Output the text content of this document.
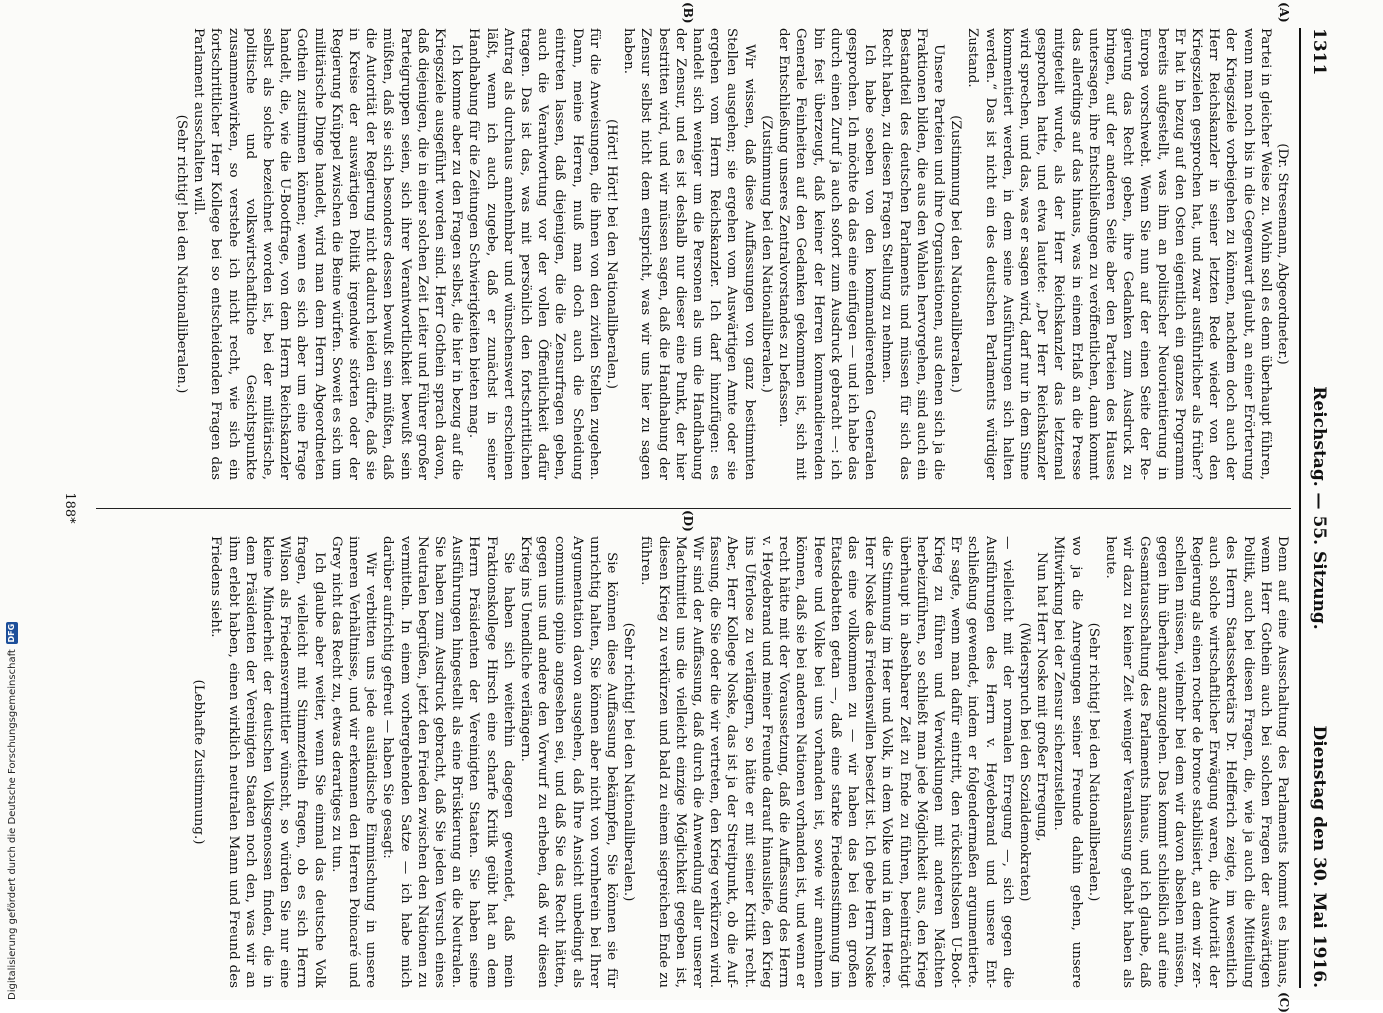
1311
Reichstag. — 55. Sitzung.
Dienstag den 30. Mai 1916.

(Dr. Stresemann, Abgeordneter.)

Partei in gleicher Weise zu. Wohin soll es denn überhaupt führen, wenn man noch bis in die Gegenwart glaubt, an einer Erörterung der Kriegsziele vorbeigehen zu können, nachdem doch auch der Herr Reichskanzler in seiner letzten Rede wieder von den Kriegszielen gesprochen hat, und zwar ausführlicher als früher? Er hat in bezug auf den Osten eigentlich ein ganzes Programm bereits aufgestellt, was ihm an politischer Neuorientierung in Europa vorschwebt. Wenn Sie nun auf der einen Seite der Regierung das Recht geben, ihre Gedanken zum Ausdruck zu bringen, auf der anderen Seite aber den Parteien des Hauses untersagen, ihre Entschließungen zu veröffentlichen, dann kommt das allerdings auf das hinaus, was in einem Erlaß an die Presse mitgeteilt wurde, als der Herr Reichskanzler das letztemal gesprochen hatte, und etwa lautete: „Der Herr Reichskanzler wird sprechen, und das, was er sagen wird, darf nur in dem Sinne kommentiert werden, in dem seine Ausführungen sich halten werden.“ Das ist nicht ein des deutschen Parlaments würdiger Zustand.

(Zustimmung bei den Nationalliberalen.)

Unsere Parteien und ihre Organisationen, aus denen sich ja die Fraktionen bilden, die aus den Wahlen hervorgehen, sind auch ein Bestandteil des deutschen Parlaments und müssen für sich das Recht haben, zu diesen Fragen Stellung zu nehmen.

Ich habe soeben von den kommandierenden Generalen gesprochen. Ich möchte da das eine einfügen — und ich habe das durch einen Zuruf ja auch sofort zum Ausdruck gebracht —: ich bin fest überzeugt, daß keiner der Herren kommandierenden Generale Feinheiten auf den Gedanken gekommen ist, sich mit der Entschließung unseres Zentralvorstandes zu befassen.

(Zustimmung bei den Nationalliberalen.)

Wir wissen, daß diese Auffassungen von ganz bestimmten Stellen ausgehen; sie ergehen vom Auswärtigen Amte oder sie ergehen vom Herrn Reichskanzler. Ich darf hinzufügen: es handelt sich weniger um die Personen als um die Handhabung der Zensur, und es ist deshalb nur dieser eine Punkt, der hier bestritten wird, und wir müssen sagen, daß die Handhabung der Zensur selbst nicht dem entspricht, was wir uns hier zu sagen haben.

(Hört! Hört! bei den Nationalliberalen.)

für die Anweisungen, die ihnen von den zivilen Stellen zugehen. Dann, meine Herren, muß man doch auch die Scheidung eintreten lassen, daß diejenigen, die die Zensurfragen geben, auch die Verantwortung vor der vollen Öffentlichkeit dafür tragen. Das ist das, was mit persönlich den fortschrittlichen Antrag als durchaus annehmbar und wünschenswert erscheinen läßt, wenn ich auch zugebe, daß er zunächst in seiner Handhabung für die Zeitungen Schwierigkeiten bieten mag.

Ich komme aber zu den Fragen selbst, die hier in bezug auf die Kriegsziele ausgeführt worden sind. Herr Gothein sprach davon, daß diejenigen, die in einer solchen Zeit Leiter und Führer großer Parteigruppen seien, sich ihrer Verantwortlichkeit bewußt sein müßten, daß sie sich besonders dessen bewußt sein müßten, daß die Autorität der Regierung nicht dadurch leiden dürfte, daß sie in Kreise der auswärtigen Politik irgendwie störten oder der Regierung Knüppel zwischen die Beine würfen. Soweit es sich um militärische Dinge handelt, wird man dem Herrn Abgeordneten Gothein zustimmen können; wenn es sich aber um eine Frage handelt, die, wie die U-Bootfrage, von dem Herrn Reichskanzler selbst als solche bezeichnet worden ist, bei der militärische, politische und volkswirtschaftliche Gesichtspunkte zusammenwirken, so verstehe ich nicht recht, wie sich ein fortschrittlicher Herr Kollege bei so entscheidenden Fragen das Parlament ausschalten will.

(Sehr richtig! bei den Nationalliberalen.)

Denn auf eine Ausschaltung des Parlaments kommt es hinaus, wenn Herr Gothein auch bei solchen Fragen der auswärtigen Politik, auch bei diesen Fragen, die, wie ja auch die Mitteilung des Herrn Staatssekretärs Dr. Helfferich zeigte, im wesentlich auch solche wirtschaftlicher Erwägung waren, die Autorität der Regierung als einen rocher de bronce stabilisiert, an dem wir zerschellen müssen, vielmehr bei dem wir davon absehen müssen, gegen ihn überhaupt anzugehen. Das kommt schließlich auf eine Gesamtausschaltung des Parlaments hinaus, und ich glaube, daß wir dazu zu keiner Zeit weniger Veranlassung gehabt haben als heute.

(Sehr richtig! bei den Nationalliberalen.)

wo ja die Anregungen seiner Freunde dahin gehen, unsere Mitwirkung bei der Zensur sicherzustellen.

Nun hat Herr Noske mit großer Erregung,

(Widerspruch bei den Sozialdemokraten)

— vielleicht mit der normalen Erregung —, sich gegen die Ausführungen des Herrn v. Heydebrand und unsere Entschließung gewendet, indem er folgendermaßen argumentierte. Er sagte, wenn man dafür eintritt, den rücksichtslosen U-Boot-Krieg zu führen und Verwicklungen mit anderen Mächten herbeizuführen, so schließt man jede Möglichkeit aus, den Krieg überhaupt in absehbarer Zeit zu Ende zu führen, beeinträchtigt die Stimmung im Heer und Volk, in dem Volke und in dem Heere. Herr Noske das Friedenswillen besetzt ist. Ich gebe Herrn Noske das eine vollkommen zu — wir haben das bei den großen Etatsdebatten getan —, daß eine starke Friedensstimmung im Heere und Volke bei uns vorhanden ist, sowie wir annehmen können, daß sie bei anderen Nationen vorhanden ist, und wenn er recht hätte mit der Voraussetzung, daß die Auffassung des Herrn v. Heydebrand und meiner Freunde darauf hinausliefe, den Krieg ins Uferlose zu verlängern, so hätte er mit seiner Kritik recht. Aber, Herr Kollege Noske, das ist ja der Streitpunkt, ob die Auffassung, die Sie oder die wir vertreten, den Krieg verkürzen wird. Wir sind der Auffassung, daß durch die Anwendung aller unserer Machtmittel uns die vielleicht einzige Möglichkeit gegeben ist, diesen Krieg zu verkürzen und bald zu einem siegreichen Ende zu führen.

(Sehr richtig! bei den Nationalliberalen.)

Sie können diese Auffassung bekämpfen, Sie können sie für unrichtig halten, Sie können aber nicht von vornherein bei Ihrer Argumentation davon ausgehen, daß Ihre Ansicht unbedingt als communis opinio angesehen sei, und daß Sie das Recht hätten, gegen uns und andere den Vorwurf zu erheben, daß wir diesen Krieg ins Unendliche verlängern.

Sie haben sich weiterhin dagegen gewendet, daß mein Fraktionskollege Hirsch eine scharfe Kritik geübt hat an dem Herrn Präsidenten der Vereinigten Staaten. Sie haben seine Ausführungen hingestellt als eine Brüskierung an die Neutralen. Sie haben zum Ausdruck gebracht, daß Sie jeden Versuch eines Neutralen begrüßen, jetzt den Frieden zwischen den Nationen zu vermitteln. In einem vorhergehenden Satze — ich habe mich darüber aufrichtig gefreut — haben Sie gesagt:

Wir verbitten uns jede ausländische Einmischung in unsere inneren Verhältnisse, und wir erkennen den Herren Poincaré und Grey nicht das Recht zu, etwas derartiges zu tun.

Ich glaube aber weiter, wenn Sie einmal das deutsche Volk fragen, vielleicht mit Stimmzetteln fragen, ob es sich Herrn Wilson als Friedensvermittler wünscht, so würden Sie nur eine kleine Minderheit der deutschen Volksgenossen finden, die in dem Präsidenten der Vereinigten Staaten noch den, was wir an ihm erlebt haben, einen wirklich neutralen Mann und Freund des Friedens sieht.

(Lebhafte Zustimmung.)

(A)
(B)
(C)
(D)
188*
Digitalisierung gefördert durch die Deutsche Forschungsgemeinschaft
DFG
